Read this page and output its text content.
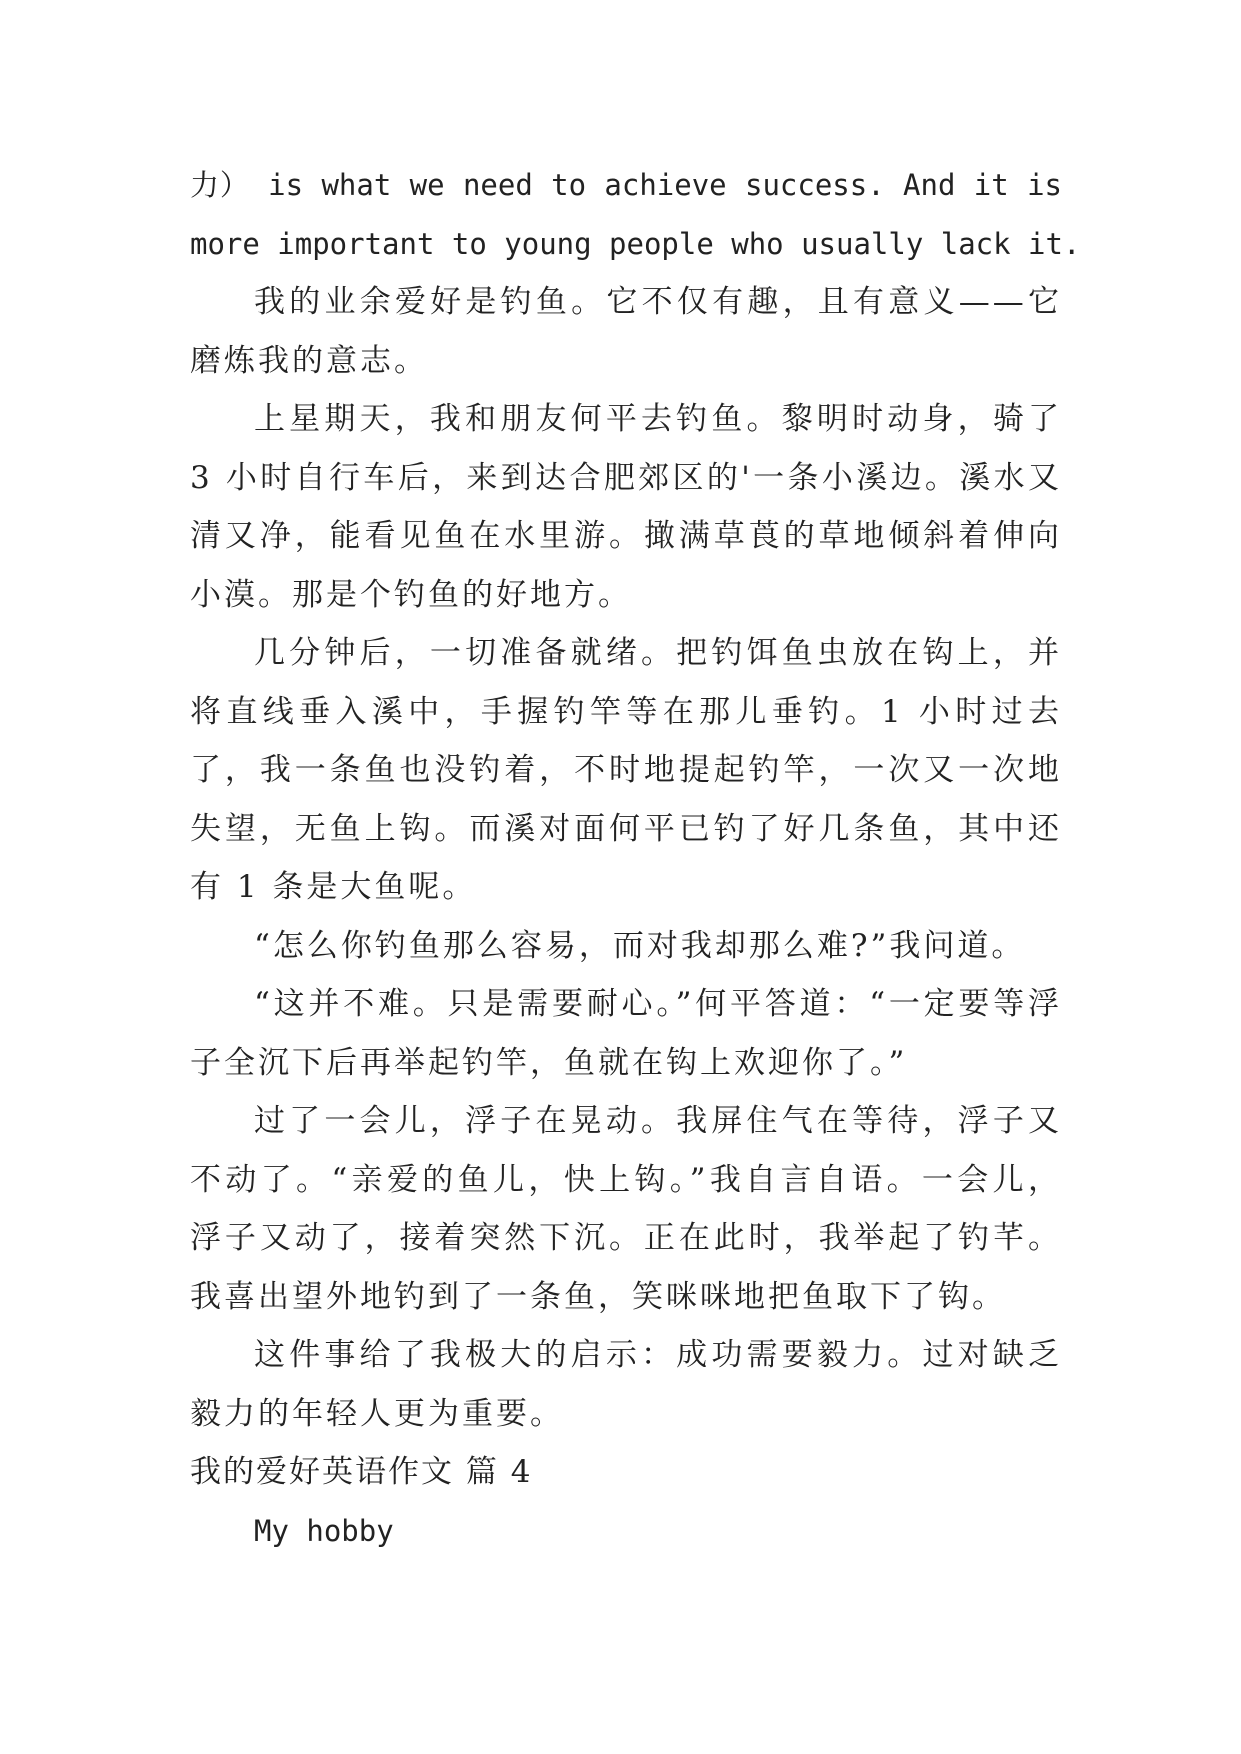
力） is what we need to achieve success. And it is
more important to young people who usually lack it.

我的业余爱好是钓鱼。它不仅有趣，且有意义——它磨炼我的意志。

上星期天，我和朋友何平去钓鱼。黎明时动身，骑了 3 小时自行车后，来到达合肥郊区的'一条小溪边。溪水又清又净，能看见鱼在水里游。撖满草莨的草地倾斜着伸向小漠。那是个钓鱼的好地方。

几分钟后，一切准备就绪。把钓饵鱼虫放在钩上，并将直线垂入溪中，手握钓竿等在那儿垂钓。1 小时过去了，我一条鱼也没钓着，不时地提起钓竿，一次又一次地失望，无鱼上钩。而溪对面何平已钓了好几条鱼，其中还有 1 条是大鱼呢。

“怎么你钓鱼那么容易，而对我却那么难?”我问道。

“这并不难。只是需要耐心。”何平答道：“一定要等浮子全沉下后再举起钓竿，鱼就在钩上欢迎你了。”

过了一会儿，浮子在晃动。我屏住气在等待，浮子又不动了。“亲爱的鱼儿，快上钩。”我自言自语。一会儿，浮子又动了，接着突然下沉。正在此时，我举起了钓芊。我喜出望外地钓到了一条鱼，笑咪咪地把鱼取下了钩。

这件事给了我极大的启示：成功需要毅力。过对缺乏毅力的年轻人更为重要。

我的爱好英语作文 篇 4
My hobby
